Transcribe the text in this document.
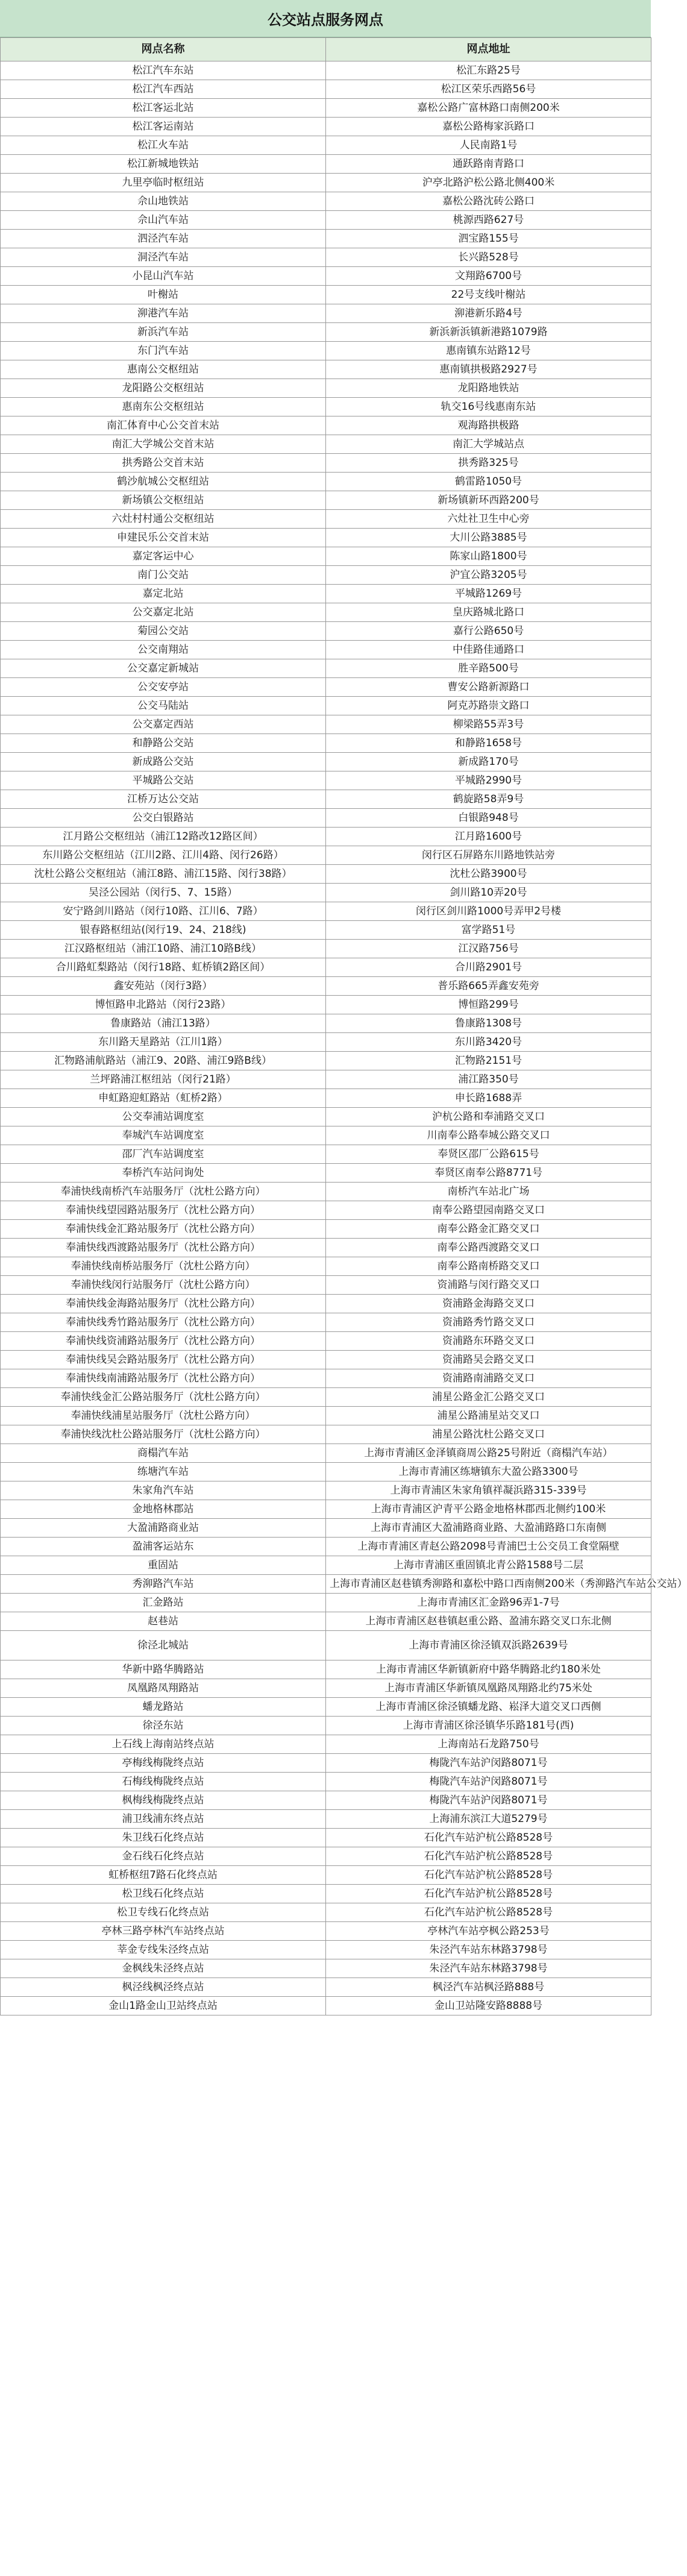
公交站点服务网点
网点名称	网点地址
松江汽车东站	松汇东路25号
松江汽车西站	松江区荣乐西路56号
松江客运北站	嘉松公路广富林路口南侧200米
松江客运南站	嘉松公路梅家浜路口
松江火车站	人民南路1号
松江新城地铁站	通跃路南青路口
九里亭临时枢纽站	沪亭北路沪松公路北侧400米
佘山地铁站	嘉松公路沈砖公路口
佘山汽车站	桃源西路627号
泗泾汽车站	泗宝路155号
洞泾汽车站	长兴路528号
小昆山汽车站	文翔路6700号
叶榭站	22号支线叶榭站
泖港汽车站	泖港新乐路4号
新浜汽车站	新浜新浜镇新港路1079路
东门汽车站	惠南镇东站路12号
惠南公交枢纽站	惠南镇拱极路2927号
龙阳路公交枢纽站	龙阳路地铁站
惠南东公交枢纽站	轨交16号线惠南东站
南汇体育中心公交首末站	观海路拱极路
南汇大学城公交首末站	南汇大学城站点
拱秀路公交首末站	拱秀路325号
鹤沙航城公交枢纽站	鹤雷路1050号
新场镇公交枢纽站	新场镇新环西路200号
六灶村村通公交枢纽站	六灶社卫生中心旁
申建民乐公交首末站	大川公路3885号
嘉定客运中心	陈家山路1800号
南门公交站	沪宜公路3205号
嘉定北站	平城路1269号
公交嘉定北站	皇庆路城北路口
菊园公交站	嘉行公路650号
公交南翔站	中佳路佳通路口
公交嘉定新城站	胜辛路500号
公交安亭站	曹安公路新源路口
公交马陆站	阿克苏路崇文路口
公交嘉定西站	柳梁路55弄3号
和静路公交站	和静路1658号
新成路公交站	新成路170号
平城路公交站	平城路2990号
江桥万达公交站	鹤旋路58弄9号
公交白银路站	白银路948号
江月路公交枢纽站（浦江12路改12路区间）	江月路1600号
东川路公交枢纽站（江川2路、江川4路、闵行26路）	闵行区石屏路东川路地铁站旁
沈杜公路公交枢纽站（浦江8路、浦江15路、闵行38路）	沈杜公路3900号
吴泾公园站（闵行5、7、15路）	剑川路10弄20号
安宁路剑川路站（闵行10路、江川6、7路）	闵行区剑川路1000号弄甲2号楼
银春路枢纽站(闵行19、24、218线)	富学路51号
江汉路枢纽站（浦江10路、浦江10路B线）	江汉路756号
合川路虹梨路站（闵行18路、虹桥镇2路区间）	合川路2901号
鑫安苑站（闵行3路）	普乐路665弄鑫安苑旁
博恒路申北路站（闵行23路）	博恒路299号
鲁康路站（浦江13路）	鲁康路1308号
东川路天星路站（江川1路）	东川路3420号
汇物路浦航路站（浦江9、20路、浦江9路B线）	汇物路2151号
兰坪路浦江枢纽站（闵行21路）	浦江路350号
申虹路迎虹路站（虹桥2路）	申长路1688弄
公交奉浦站调度室	沪杭公路和奉浦路交叉口
奉城汽车站调度室	川南奉公路奉城公路交叉口
邵厂汽车站调度室	奉贤区邵厂公路615号
奉桥汽车站问询处	奉贤区南奉公路8771号
奉浦快线南桥汽车站服务厅（沈杜公路方向）	南桥汽车站北广场
奉浦快线望园路站服务厅（沈杜公路方向）	南奉公路望园南路交叉口
奉浦快线金汇路站服务厅（沈杜公路方向）	南奉公路金汇路交叉口
奉浦快线西渡路站服务厅（沈杜公路方向）	南奉公路西渡路交叉口
奉浦快线南桥站服务厅（沈杜公路方向）	南奉公路南桥路交叉口
奉浦快线闵行站服务厅（沈杜公路方向）	资浦路与闵行路交叉口
奉浦快线金海路站服务厅（沈杜公路方向）	资浦路金海路交叉口
奉浦快线秀竹路站服务厅（沈杜公路方向）	资浦路秀竹路交叉口
奉浦快线资浦路站服务厅（沈杜公路方向）	资浦路东环路交叉口
奉浦快线吴会路站服务厅（沈杜公路方向）	资浦路吴会路交叉口
奉浦快线南浦路站服务厅（沈杜公路方向）	资浦路南浦路交叉口
奉浦快线金汇公路站服务厅（沈杜公路方向）	浦星公路金汇公路交叉口
奉浦快线浦星站服务厅（沈杜公路方向）	浦星公路浦星站交叉口
奉浦快线沈杜公路站服务厅（沈杜公路方向）	浦星公路沈杜公路交叉口
商榻汽车站	上海市青浦区金泽镇商周公路25号附近（商榻汽车站）
练塘汽车站	上海市青浦区练塘镇东大盈公路3300号
朱家角汽车站	上海市青浦区朱家角镇祥凝浜路315-339号
金地格林郡站	上海市青浦区沪青平公路金地格林郡西北侧约100米
大盈浦路商业站	上海市青浦区大盈浦路商业路、大盈浦路路口东南侧
盈浦客运站东	上海市青浦区青赵公路2098号青浦巴士公交员工食堂隔壁
重固站	上海市青浦区重固镇北青公路1588号二层
秀泖路汽车站	上海市青浦区赵巷镇秀泖路和嘉松中路口西南侧200米（秀泖路汽车站公交站）
汇金路站	上海市青浦区汇金路96弄1-7号
赵巷站	上海市青浦区赵巷镇赵重公路、盈浦东路交叉口东北侧
徐泾北城站	上海市青浦区徐泾镇双浜路2639号
华新中路华腾路站	上海市青浦区华新镇新府中路华腾路北约180米处
凤凰路凤翔路站	上海市青浦区华新镇凤凰路凤翔路北约75米处
蟠龙路站	上海市青浦区徐泾镇蟠龙路、崧泽大道交叉口西侧
徐泾东站	上海市青浦区徐泾镇华乐路181号(西)
上石线上海南站终点站	上海南站石龙路750号
亭梅线梅陇终点站	梅陇汽车站沪闵路8071号
石梅线梅陇终点站	梅陇汽车站沪闵路8071号
枫梅线梅陇终点站	梅陇汽车站沪闵路8071号
浦卫线浦东终点站	上海浦东滨江大道5279号
朱卫线石化终点站	石化汽车站沪杭公路8528号
金石线石化终点站	石化汽车站沪杭公路8528号
虹桥枢纽7路石化终点站	石化汽车站沪杭公路8528号
松卫线石化终点站	石化汽车站沪杭公路8528号
松卫专线石化终点站	石化汽车站沪杭公路8528号
亭林三路亭林汽车站终点站	亭林汽车站亭枫公路253号
莘金专线朱泾终点站	朱泾汽车站东林路3798号
金枫线朱泾终点站	朱泾汽车站东林路3798号
枫泾线枫泾终点站	枫泾汽车站枫泾路888号
金山1路金山卫站终点站	金山卫站隆安路8888号
